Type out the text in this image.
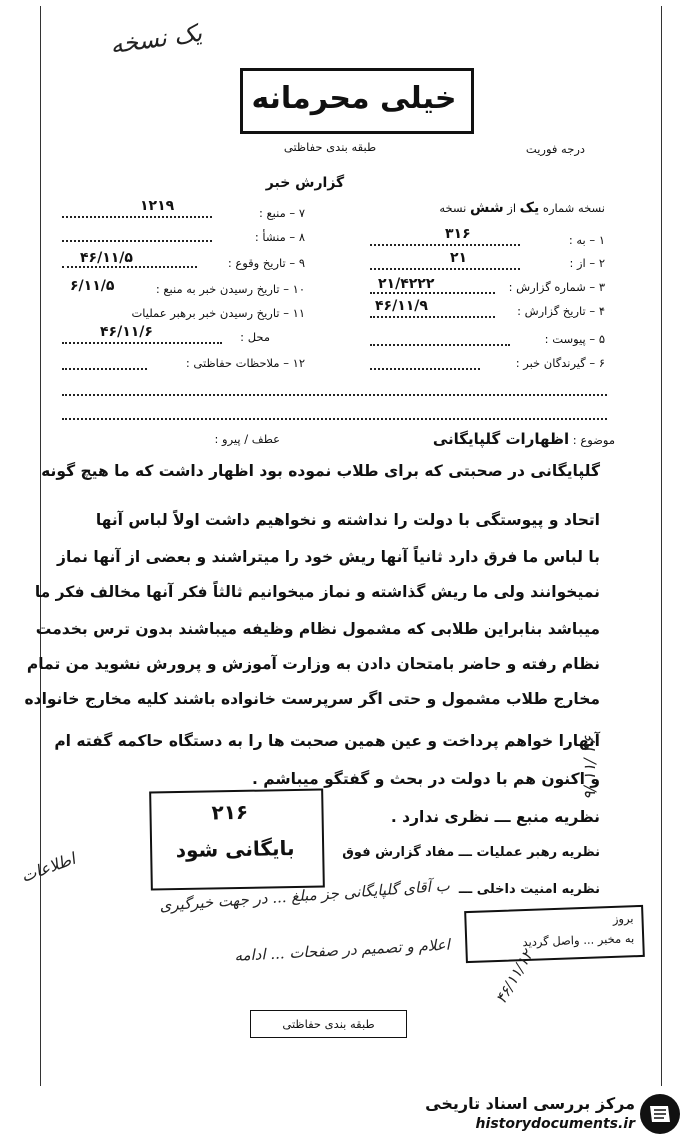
یک نسخه
خیلی محرمانه
طبقه بندی حفاظتی	درجه فوریت
گزارش خبر
نسخه شماره یک از شش نسخه
۱ – به :
۳۱۶
۲ – از :
۲۱
۳ – شماره گزارش :
۲۱/۴۲۲۲
۴ – تاریخ گزارش :
۴۶/۱۱/۹
۵ – پیوست :
۶ – گیرندگان خبر :
۷ – منبع :
۱۲۱۹
۸ – منشأ :
۹ – تاریخ وقوع :
۴۶/۱۱/۵
۱۰ – تاریخ رسیدن خبر به منبع :
۶/۱۱/۵
۱۱ – تاریخ رسیدن خبر برهبر عملیات
محل :
۴۶/۱۱/۶
۱۲ – ملاحظات حفاظتی :
موضوع : اظهارات گلپایگانی
عطف / پیرو :
گلپایگانی در صحبتی که برای طلاب نموده بود اظهار داشت که ما هیچ گونه
اتحاد و پیوستگی با دولت را نداشته و نخواهیم داشت اولاً لباس آنها
با لباس ما فرق دارد ثانیاً آنها ریش خود را میتراشند و بعضی از آنها نماز
نمیخوانند ولی ما ریش گذاشته و نماز میخوانیم ثالثاً فکر آنها مخالف فکر ما
میباشد بنابراین طلابی که مشمول نظام وظیفه میباشند بدون ترس بخدمت
نظام رفته و حاضر بامتحان دادن به وزارت آموزش و پرورش نشوید من تمام
مخارج طلاب مشمول و حتی اگر سرپرست خانواده باشند کلیه مخارج خانواده
آنهارا خواهم پرداخت و عین همین صحبت ها را به دستگاه حاکمه گفته ام
و اکنون هم با دولت در بحث و گفتگو میباشم .
نظریه منبع ـــ نظری ندارد .
نظریه رهبر عملیات ـــ مفاد گزارش فوق
نظریه امنیت داخلی ـــ
۲۱۶
بایگانی شود
۹/ ۱۱/ ۴۶
اطلاعات
ب آقای گلپایگانی جز مبلغ ... در جهت خیرگیری
اعلام و تصمیم در صفحات ... ادامه
بروز
به مخبر ... واصل گردید
۴۶/۱۱/۱۲
طبقه بندی حفاظتی
مرکز بررسی اسناد تاریخی
historydocuments.ir
